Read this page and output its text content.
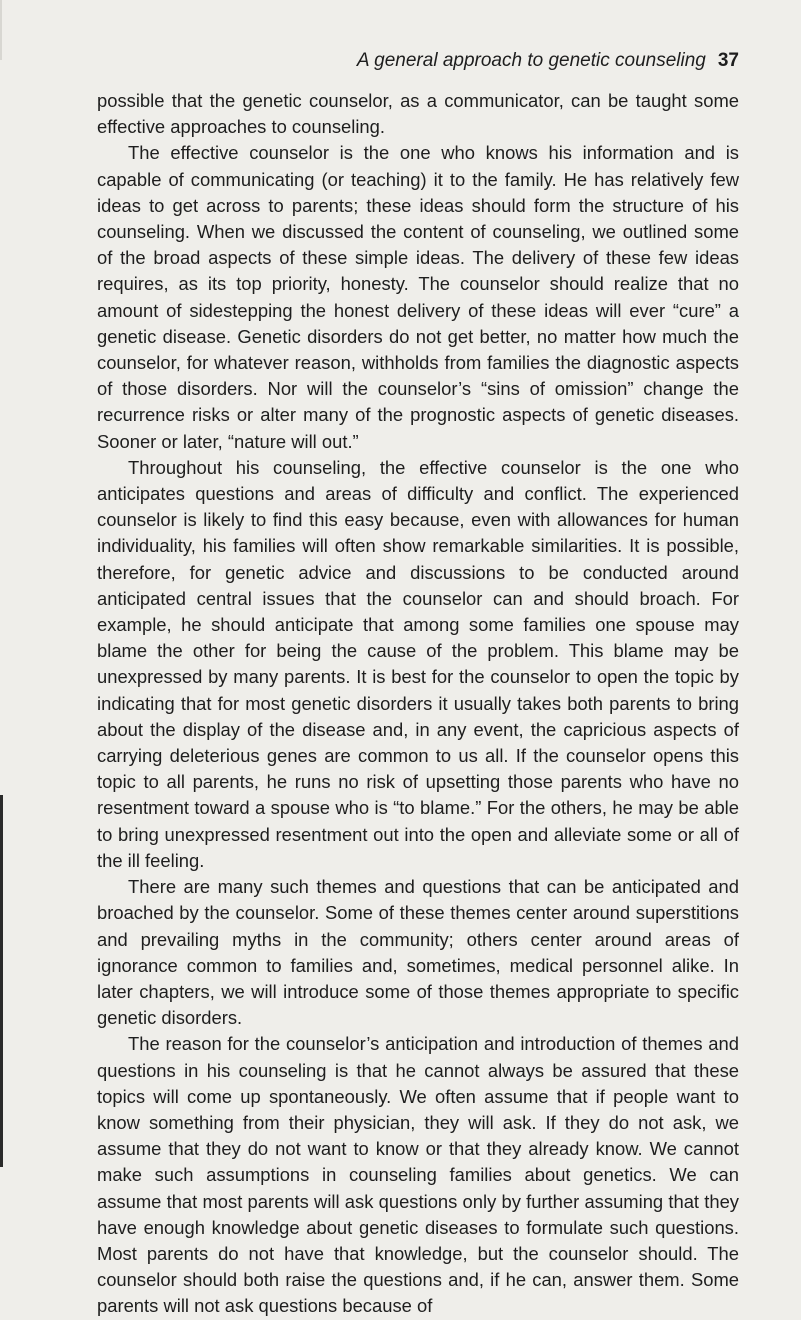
A general approach to genetic counseling 37

possible that the genetic counselor, as a communicator, can be taught some effective approaches to counseling.

The effective counselor is the one who knows his information and is capable of communicating (or teaching) it to the family. He has relatively few ideas to get across to parents; these ideas should form the structure of his counseling. When we discussed the content of counseling, we outlined some of the broad aspects of these simple ideas. The delivery of these few ideas requires, as its top priority, honesty. The counselor should realize that no amount of sidestepping the honest delivery of these ideas will ever “cure” a genetic disease. Genetic disorders do not get better, no matter how much the counselor, for whatever reason, withholds from families the diagnostic aspects of those disorders. Nor will the counselor’s “sins of omission” change the recurrence risks or alter many of the prognostic aspects of genetic diseases. Sooner or later, “nature will out.”

Throughout his counseling, the effective counselor is the one who anticipates questions and areas of difficulty and conflict. The experienced counselor is likely to find this easy because, even with allowances for human individuality, his families will often show remarkable similarities. It is possible, therefore, for genetic advice and discussions to be conducted around anticipated central issues that the counselor can and should broach. For example, he should anticipate that among some families one spouse may blame the other for being the cause of the problem. This blame may be unexpressed by many parents. It is best for the counselor to open the topic by indicating that for most genetic disorders it usually takes both parents to bring about the display of the disease and, in any event, the capricious aspects of carrying deleterious genes are common to us all. If the counselor opens this topic to all parents, he runs no risk of upsetting those parents who have no resentment toward a spouse who is “to blame.” For the others, he may be able to bring unexpressed resentment out into the open and alleviate some or all of the ill feeling.

There are many such themes and questions that can be anticipated and broached by the counselor. Some of these themes center around superstitions and prevailing myths in the community; others center around areas of ignorance common to families and, sometimes, medical personnel alike. In later chapters, we will introduce some of those themes appropriate to specific genetic disorders.

The reason for the counselor’s anticipation and introduction of themes and questions in his counseling is that he cannot always be assured that these topics will come up spontaneously. We often assume that if people want to know something from their physician, they will ask. If they do not ask, we assume that they do not want to know or that they already know. We cannot make such assumptions in counseling families about genetics. We can assume that most parents will ask questions only by further assuming that they have enough knowledge about genetic diseases to formulate such questions. Most parents do not have that knowledge, but the counselor should. The counselor should both raise the questions and, if he can, answer them. Some parents will not ask questions because of
